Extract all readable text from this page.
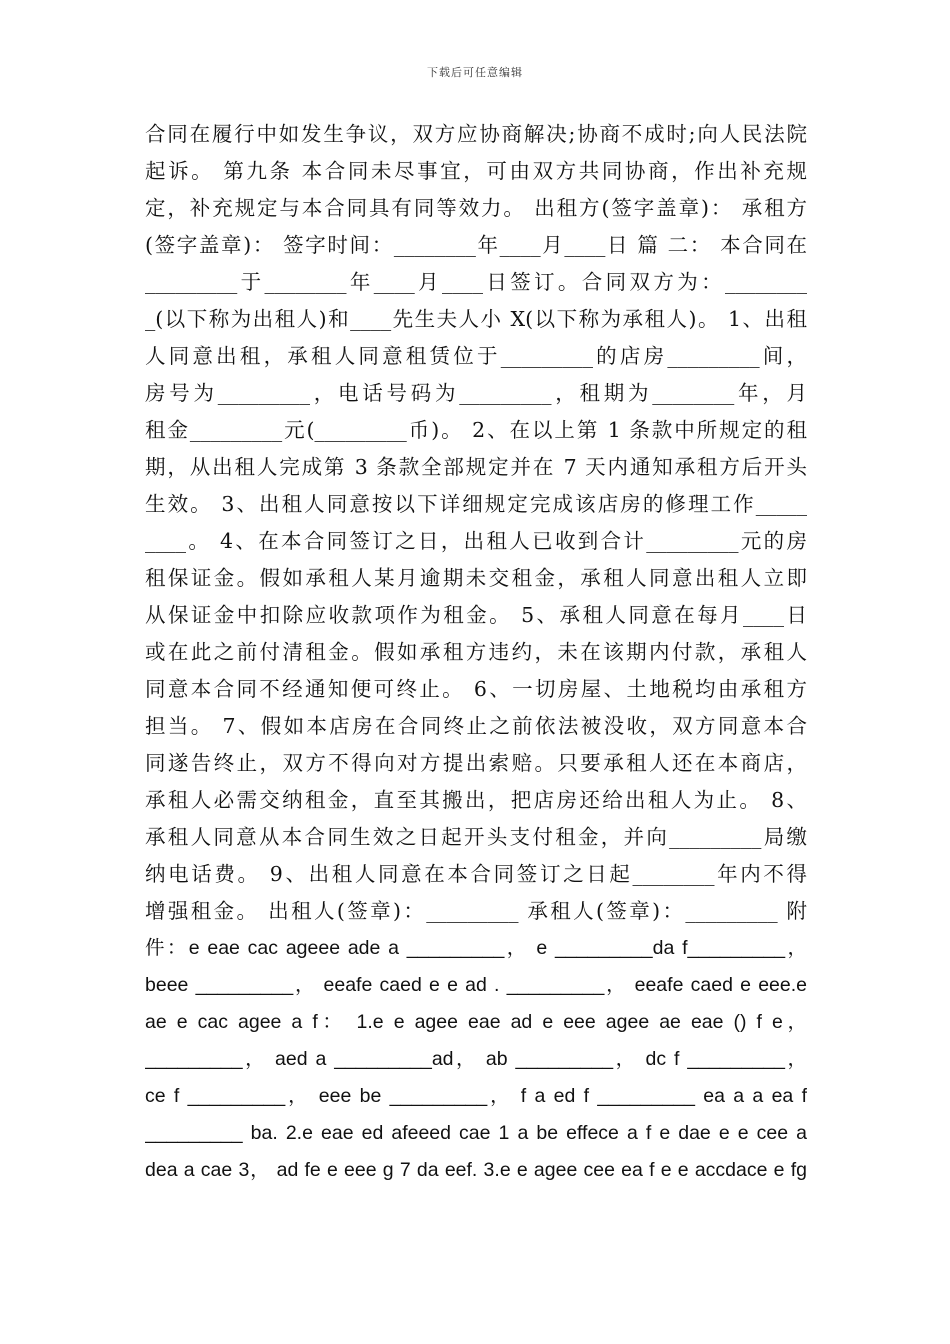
下载后可任意编辑
合同在履行中如发生争议，双方应协商解决;协商不成时;向人民法院
起诉。 第九条 本合同未尽事宜，可由双方共同协商，作出补充规
定，补充规定与本合同具有同等效力。 出租方(签字盖章)： 承租方
(签字盖章)： 签字时间：________年____月____日 篇 二： 本合同在
_________于________年____月____日签订。合同双方为：________
_(以下称为出租人)和____先生夫人小 X(以下称为承租人)。 1、出租
人同意出租，承租人同意租赁位于_________的店房_________间，
房号为_________，电话号码为_________，租期为________年，月
租金_________元(_________币)。 2、在以上第 1 条款中所规定的租
期，从出租人完成第 3 条款全部规定并在 7 天内通知承租方后开头
生效。 3、出租人同意按以下详细规定完成该店房的修理工作_____
____。 4、在本合同签订之日，出租人已收到合计_________元的房
租保证金。假如承租人某月逾期未交租金，承租人同意出租人立即
从保证金中扣除应收款项作为租金。 5、承租人同意在每月____日
或在此之前付清租金。假如承租方违约，未在该期内付款，承租人
同意本合同不经通知便可终止。 6、一切房屋、土地税均由承租方
担当。 7、假如本店房在合同终止之前依法被没收，双方同意本合
同遂告终止，双方不得向对方提出索赔。只要承租人还在本商店，
承租人必需交纳租金，直至其搬出，把店房还给出租人为止。 8、
承租人同意从本合同生效之日起开头支付租金，并向_________局缴
纳电话费。 9、出租人同意在本合同签订之日起________年内不得
增强租金。 出租人(签章)：_________ 承租人(签章)：_________ 附
件：e eae cac ageee ade a _________， e _________da f_________，
beee _________， eeafe caed e e ad . _________， eeafe caed e eee.e
ae e cac agee a f： 1.e e agee eae ad e eee agee ae eae () f e，
_________， aed a _________ad， ab _________， dc f _________，
ce f _________， eee be _________， f a ed f _________ ea a a ea f
_________ ba. 2.e eae ed afeeed cae 1 a be effece a f e dae e e cee a
dea a cae 3， ad fe e eee g 7 da eef. 3.e e agee cee ea f e e accdace e fg
